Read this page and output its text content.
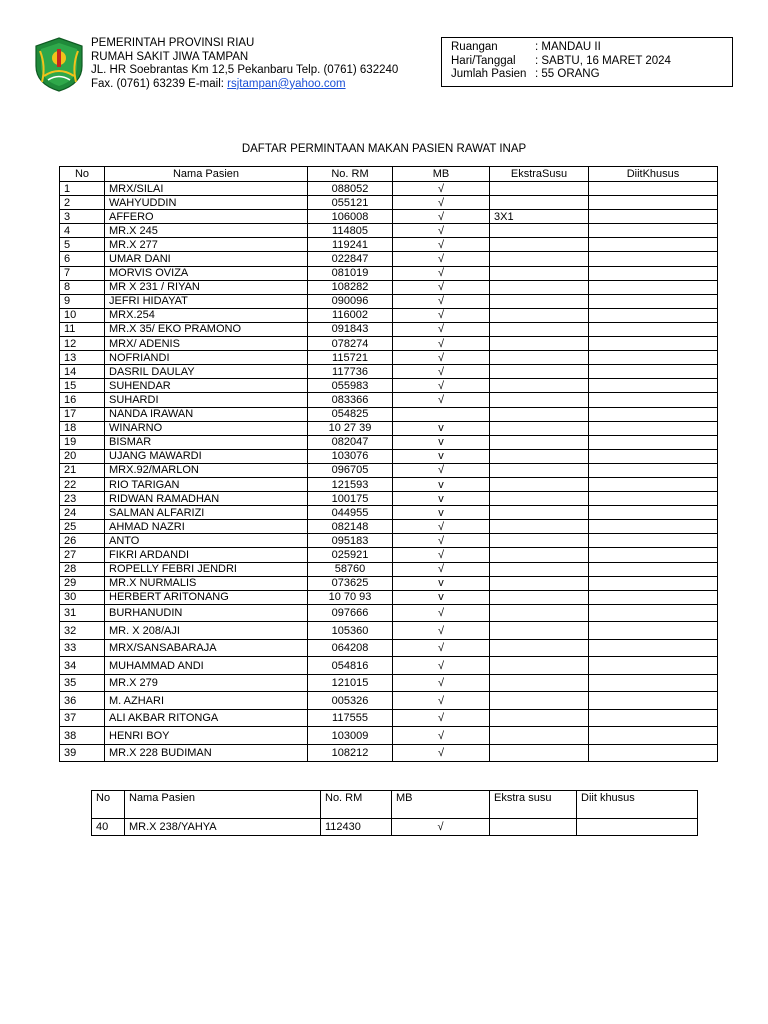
PEMERINTAH PROVINSI RIAU
RUMAH SAKIT JIWA TAMPAN
JL. HR Soebrantas Km 12,5 Pekanbaru Telp. (0761) 632240
Fax. (0761) 63239 E-mail: rsjtampan@yahoo.com
Ruangan	: MANDAU II
Hari/Tanggal	: SABTU, 16 MARET 2024
Jumlah Pasien : 55 ORANG
DAFTAR PERMINTAAN MAKAN PASIEN RAWAT INAP
No	Nama Pasien	No. RM	MB	EkstraSusu	DiitKhusus
1	MRX/SILAI	088052	√		
2	WAHYUDDIN	055121	√		
3	AFFERO	106008	√	3X1	
4	MR.X 245	114805	√		
5	MR.X 277	119241	√		
6	UMAR DANI	022847	√		
7	MORVIS OVIZA	081019	√		
8	MR X 231 / RIYAN	108282	√		
9	JEFRI HIDAYAT	090096	√		
10	MRX.254	116002	√		
11	MR.X 35/ EKO PRAMONO	091843	√		
12	MRX/ ADENIS	078274	√		
13	NOFRIANDI	115721	√		
14	DASRIL DAULAY	117736	√		
15	SUHENDAR	055983	√		
16	SUHARDI	083366	√		
17	NANDA IRAWAN	054825			
18	WINARNO	10 27 39	v		
19	BISMAR	082047	v		
20	UJANG MAWARDI	103076	v		
21	MRX.92/MARLON	096705	√		
22	RIO TARIGAN	121593	v		
23	RIDWAN RAMADHAN	100175	v		
24	SALMAN ALFARIZI	044955	v		
25	AHMAD NAZRI	082148	√		
26	ANTO	095183	√		
27	FIKRI ARDANDI	025921	√		
28	ROPELLY FEBRI JENDRI	58760	√		
29	MR.X NURMALIS	073625	v		
30	HERBERT ARITONANG	10 70 93	v		
31	BURHANUDIN	097666	√		
32	MR. X 208/AJI	105360	√		
33	MRX/SANSABARAJA	064208	√		
34	MUHAMMAD ANDI	054816	√		
35	MR.X 279	121015	√		
36	M. AZHARI	005326	√		
37	ALI AKBAR RITONGA	117555	√		
38	HENRI BOY	103009	√		
39	MR.X 228 BUDIMAN	108212	√		
No	Nama Pasien	No. RM	MB	Ekstra susu	Diit khusus
40	MR.X 238/YAHYA	112430	√		
